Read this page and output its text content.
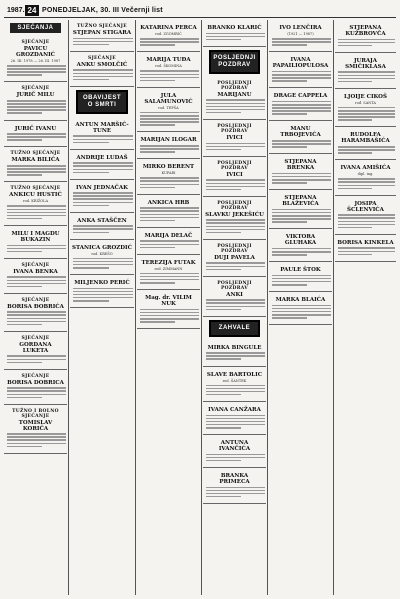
1987. 24 PONEDJELJAK, 30. III Večernji list
SJEĆANJA
SJEĆANJE
PAVICU GROZDANIĆ
26. III. 1978 — 26. III. 1987
SJEĆANJE
JURIČ MILU
JURIČ IVANU
TUŽNO SJEĆANJE
MARKA BILIĆA
TUŽNO SJEĆANJE
ANKICU HUSTIĆ
rod. KRIŽOLA
MILU I MAGDU BUKAZIN
SJEĆANJE
IVANA BENKA
SJEĆANJE
BORISA ĐOBRIĆA
SJEĆANJE
GORDANA LUKETA
SJEĆANJE
BORISA DOBRICA
TUŽNO I BOLNO SJEĆANJE
TOMISLAV KORIČA
TUŽNO SJEĆANJE
STJEPAN STIGARA
SJEĆANJE
ANKU SMOLČIĆ
OBAVIJEST O SMRTI
ANTUN MARŠIĆ-TUNE
ANDRIJE LUDAŠ
IVAN JEDNAČAK
ANKA STAŠČEN
STANICA GROZDIĆ
rod. KREŠO
MILJENKO PERIĆ
KATARINA PERCA
rod. ZGOMBIĆ
MARIJA TUĐA
rod. ŠKOMINA
JULA SALAMUNOVIĆ
rod. TEPŠA
MARIJAN ILOGAR
MIRKO BERENT
KUPARI
ANKICA HRB
MARIJA DELAČ
TEREZIJA FUTAK
rod. ZIMMANN
Mag. dr. VILIM NUK
BRANKO KLARIĆ
POSLJEDNJI POZDRAV
POSLJEDNJI POZDRAV
MARIJANU
POSLJEDNJI POZDRAV
IVICI
POSLJEDNJI POZDRAV
IVICI
POSLJEDNJI POZDRAV
SLAVKU JEKEŠIĆU
POSLJEDNJI POZDRAV
DUJI PAVELA
POSLJEDNJI POZDRAV
ANKI
ZAHVALE
MIRKA BINGULE
SLAVE BARTOLIC
rod. ŠANTEK
IVANA CANŽARA
ANTUNA IVANČIĆA
BRANKA PRIMECA
IVO LENČIRA
(1921 — 1987)
IVANA PAPAILIOPULOSA
DRAGE CAPPELA
MANU TRBOJEVIĆA
STJEPANA BRENKA
STJEPANA BLAŽEVIĆA
VIKTORA GLUHAKA
PAULE ŠTOK
MARKA BLAIĆA
STJEPANA KUŽBROVČA
JURAJA SMIČIKLASA
LJOIJE CIKOŠ
rođ. SANTA
RUDOLFA HARAMBAŠIĆA
IVANA AMIŠIĆA
dipl. ing.
JOSIPA ŠCLENVIĆA
BORISA KINKELA
